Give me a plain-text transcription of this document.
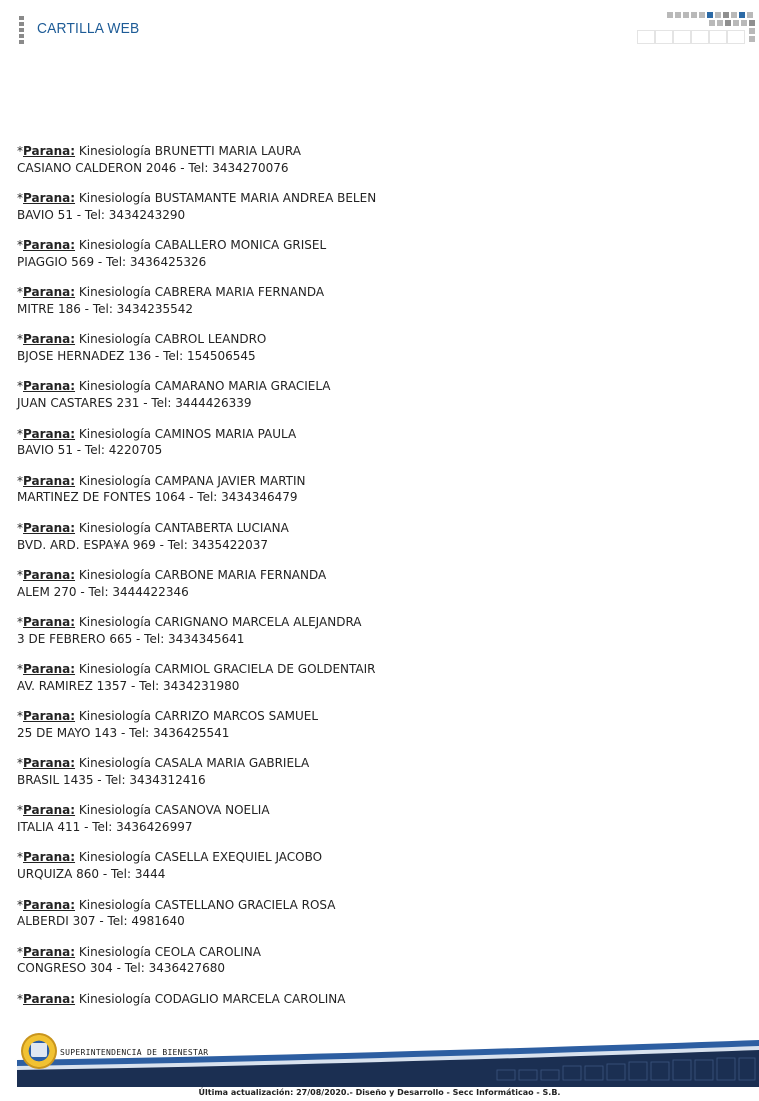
CARTILLA WEB
*Parana: Kinesiología BRUNETTI MARIA LAURA
CASIANO CALDERON 2046 - Tel: 3434270076
*Parana: Kinesiología BUSTAMANTE MARIA ANDREA BELEN
BAVIO 51 - Tel: 3434243290
*Parana: Kinesiología CABALLERO MONICA GRISEL
PIAGGIO 569 - Tel: 3436425326
*Parana: Kinesiología CABRERA MARIA FERNANDA
MITRE 186 - Tel: 3434235542
*Parana: Kinesiología CABROL LEANDRO
BJOSE HERNADEZ 136 - Tel: 154506545
*Parana: Kinesiología CAMARANO MARIA GRACIELA
JUAN CASTARES 231 - Tel: 3444426339
*Parana: Kinesiología CAMINOS MARIA PAULA
BAVIO 51 - Tel: 4220705
*Parana: Kinesiología CAMPANA JAVIER MARTIN
MARTINEZ DE FONTES 1064 - Tel: 3434346479
*Parana: Kinesiología CANTABERTA LUCIANA
BVD. ARD. ESPA¥A 969 - Tel: 3435422037
*Parana: Kinesiología CARBONE MARIA FERNANDA
ALEM 270 - Tel: 3444422346
*Parana: Kinesiología CARIGNANO MARCELA ALEJANDRA
3 DE FEBRERO 665 - Tel: 3434345641
*Parana: Kinesiología CARMIOL GRACIELA DE GOLDENTAIR
AV. RAMIREZ 1357 - Tel: 3434231980
*Parana: Kinesiología CARRIZO MARCOS SAMUEL
25 DE MAYO 143 - Tel: 3436425541
*Parana: Kinesiología CASALA MARIA GABRIELA
BRASIL 1435 - Tel: 3434312416
*Parana: Kinesiología CASANOVA NOELIA
ITALIA 411 - Tel: 3436426997
*Parana: Kinesiología CASELLA EXEQUIEL JACOBO
URQUIZA 860 - Tel: 3444
*Parana: Kinesiología CASTELLANO GRACIELA ROSA
ALBERDI 307 - Tel: 4981640
*Parana: Kinesiología CEOLA CAROLINA
CONGRESO 304 - Tel: 3436427680
*Parana: Kinesiología CODAGLIO MARCELA CAROLINA
SUPERINTENDENCIA DE BIENESTAR
Última actualización: 27/08/2020.- Diseño y Desarrollo - Secc Informáticao - S.B.
